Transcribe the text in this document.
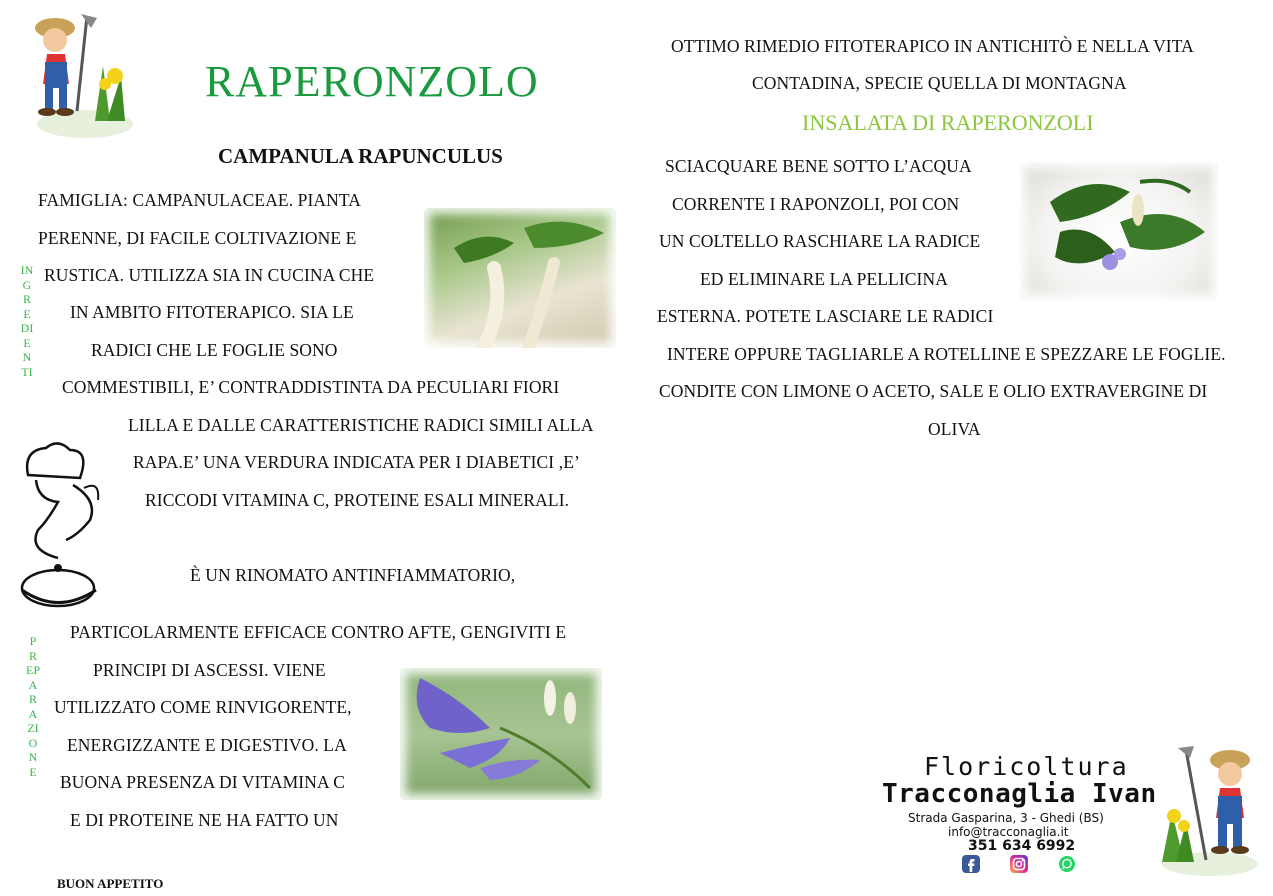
RAPERONZOLO
CAMPANULA RAPUNCULUS
FAMIGLIA: CAMPANULACEAE. PIANTA
PERENNE, DI FACILE COLTIVAZIONE E
RUSTICA. UTILIZZA SIA IN CUCINA CHE
IN AMBITO FITOTERAPICO. SIA LE
RADICI CHE LE FOGLIE SONO
COMMESTIBILI, E’ CONTRADDISTINTA DA PECULIARI FIORI
LILLA E DALLE CARATTERISTICHE RADICI SIMILI ALLA
RAPA.E’ UNA VERDURA INDICATA PER I DIABETICI ,E’
RICCODI VITAMINA C, PROTEINE ESALI MINERALI.
INGREDIENTI
È UN RINOMATO ANTINFIAMMATORIO,
PARTICOLARMENTE EFFICACE CONTRO AFTE, GENGIVITI E
PRINCIPI DI ASCESSI. VIENE
UTILIZZATO COME RINVIGORENTE,
ENERGIZZANTE E DIGESTIVO. LA
BUONA PRESENZA DI VITAMINA C
E DI PROTEINE NE HA FATTO UN
PREPARAZIONE
BUON APPETITO
OTTIMO RIMEDIO FITOTERAPICO IN ANTICHITÒ E NELLA VITA
CONTADINA, SPECIE QUELLA DI MONTAGNA
INSALATA DI RAPERONZOLI
SCIACQUARE BENE SOTTO L’ACQUA
CORRENTE I RAPONZOLI, POI CON
UN COLTELLO RASCHIARE LA RADICE
ED ELIMINARE LA PELLICINA
ESTERNA. POTETE LASCIARE LE RADICI
INTERE OPPURE TAGLIARLE A ROTELLINE E SPEZZARE LE FOGLIE.
CONDITE CON LIMONE O ACETO, SALE E OLIO EXTRAVERGINE DI
OLIVA
Floricoltura
Tracconaglia Ivan
Strada Gasparina, 3 - Ghedi (BS)
info@tracconaglia.it
351 634 6992
